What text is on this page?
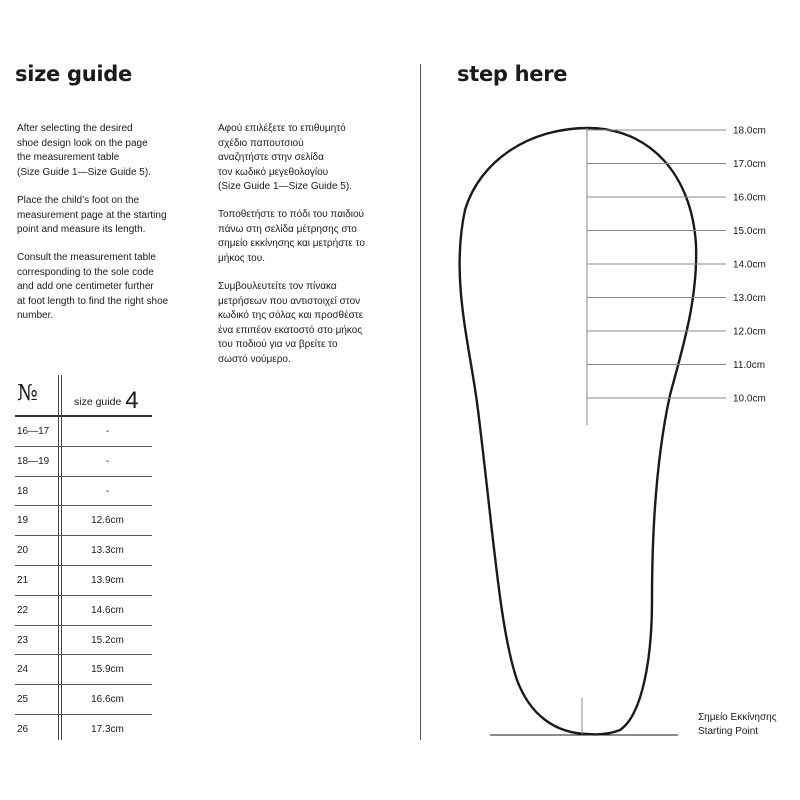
size guide	step here

After selecting the desired
shoe design look on the page
the measurement table
(Size Guide 1—Size Guide 5).

Place the child’s foot on the
measurement page at the starting
point and measure its length.

Consult the measurement table
corresponding to the sole code
and add one centimeter further
at foot length to find the right shoe
number.

Αφού επιλέξετε το επιθυμητό
σχέδιο παπουτσιού
αναζητήστε στην σελίδα
τον κωδικό μεγεθολογίου
(Size Guide 1—Size Guide 5).

Τοποθετήστε το πόδι του παιδιού
πάνω στη σελίδα μέτρησης στο
σημείο εκκίνησης και μετρήστε το
μήκος του.

Συμβουλευτείτε τον πίνακα
μετρήσεων που αντιστοιχεί στον
κωδικό της σόλας και προσθέστε
ένα επιπέον εκατοστό στο μήκος
του ποδιού για να βρείτε το
σωστό νούμερο.

№	size guide 4
16—17	-
18—19	-
18	-
19	12.6cm
20	13.3cm
21	13.9cm
22	14.6cm
23	15.2cm
24	15.9cm
25	16.6cm
26	17.3cm
18.0cm
17.0cm
16.0cm
15.0cm
14.0cm
13.0cm
12.0cm
11.0cm
10.0cm
Σημείο Εκκίνησης
Starting Point
